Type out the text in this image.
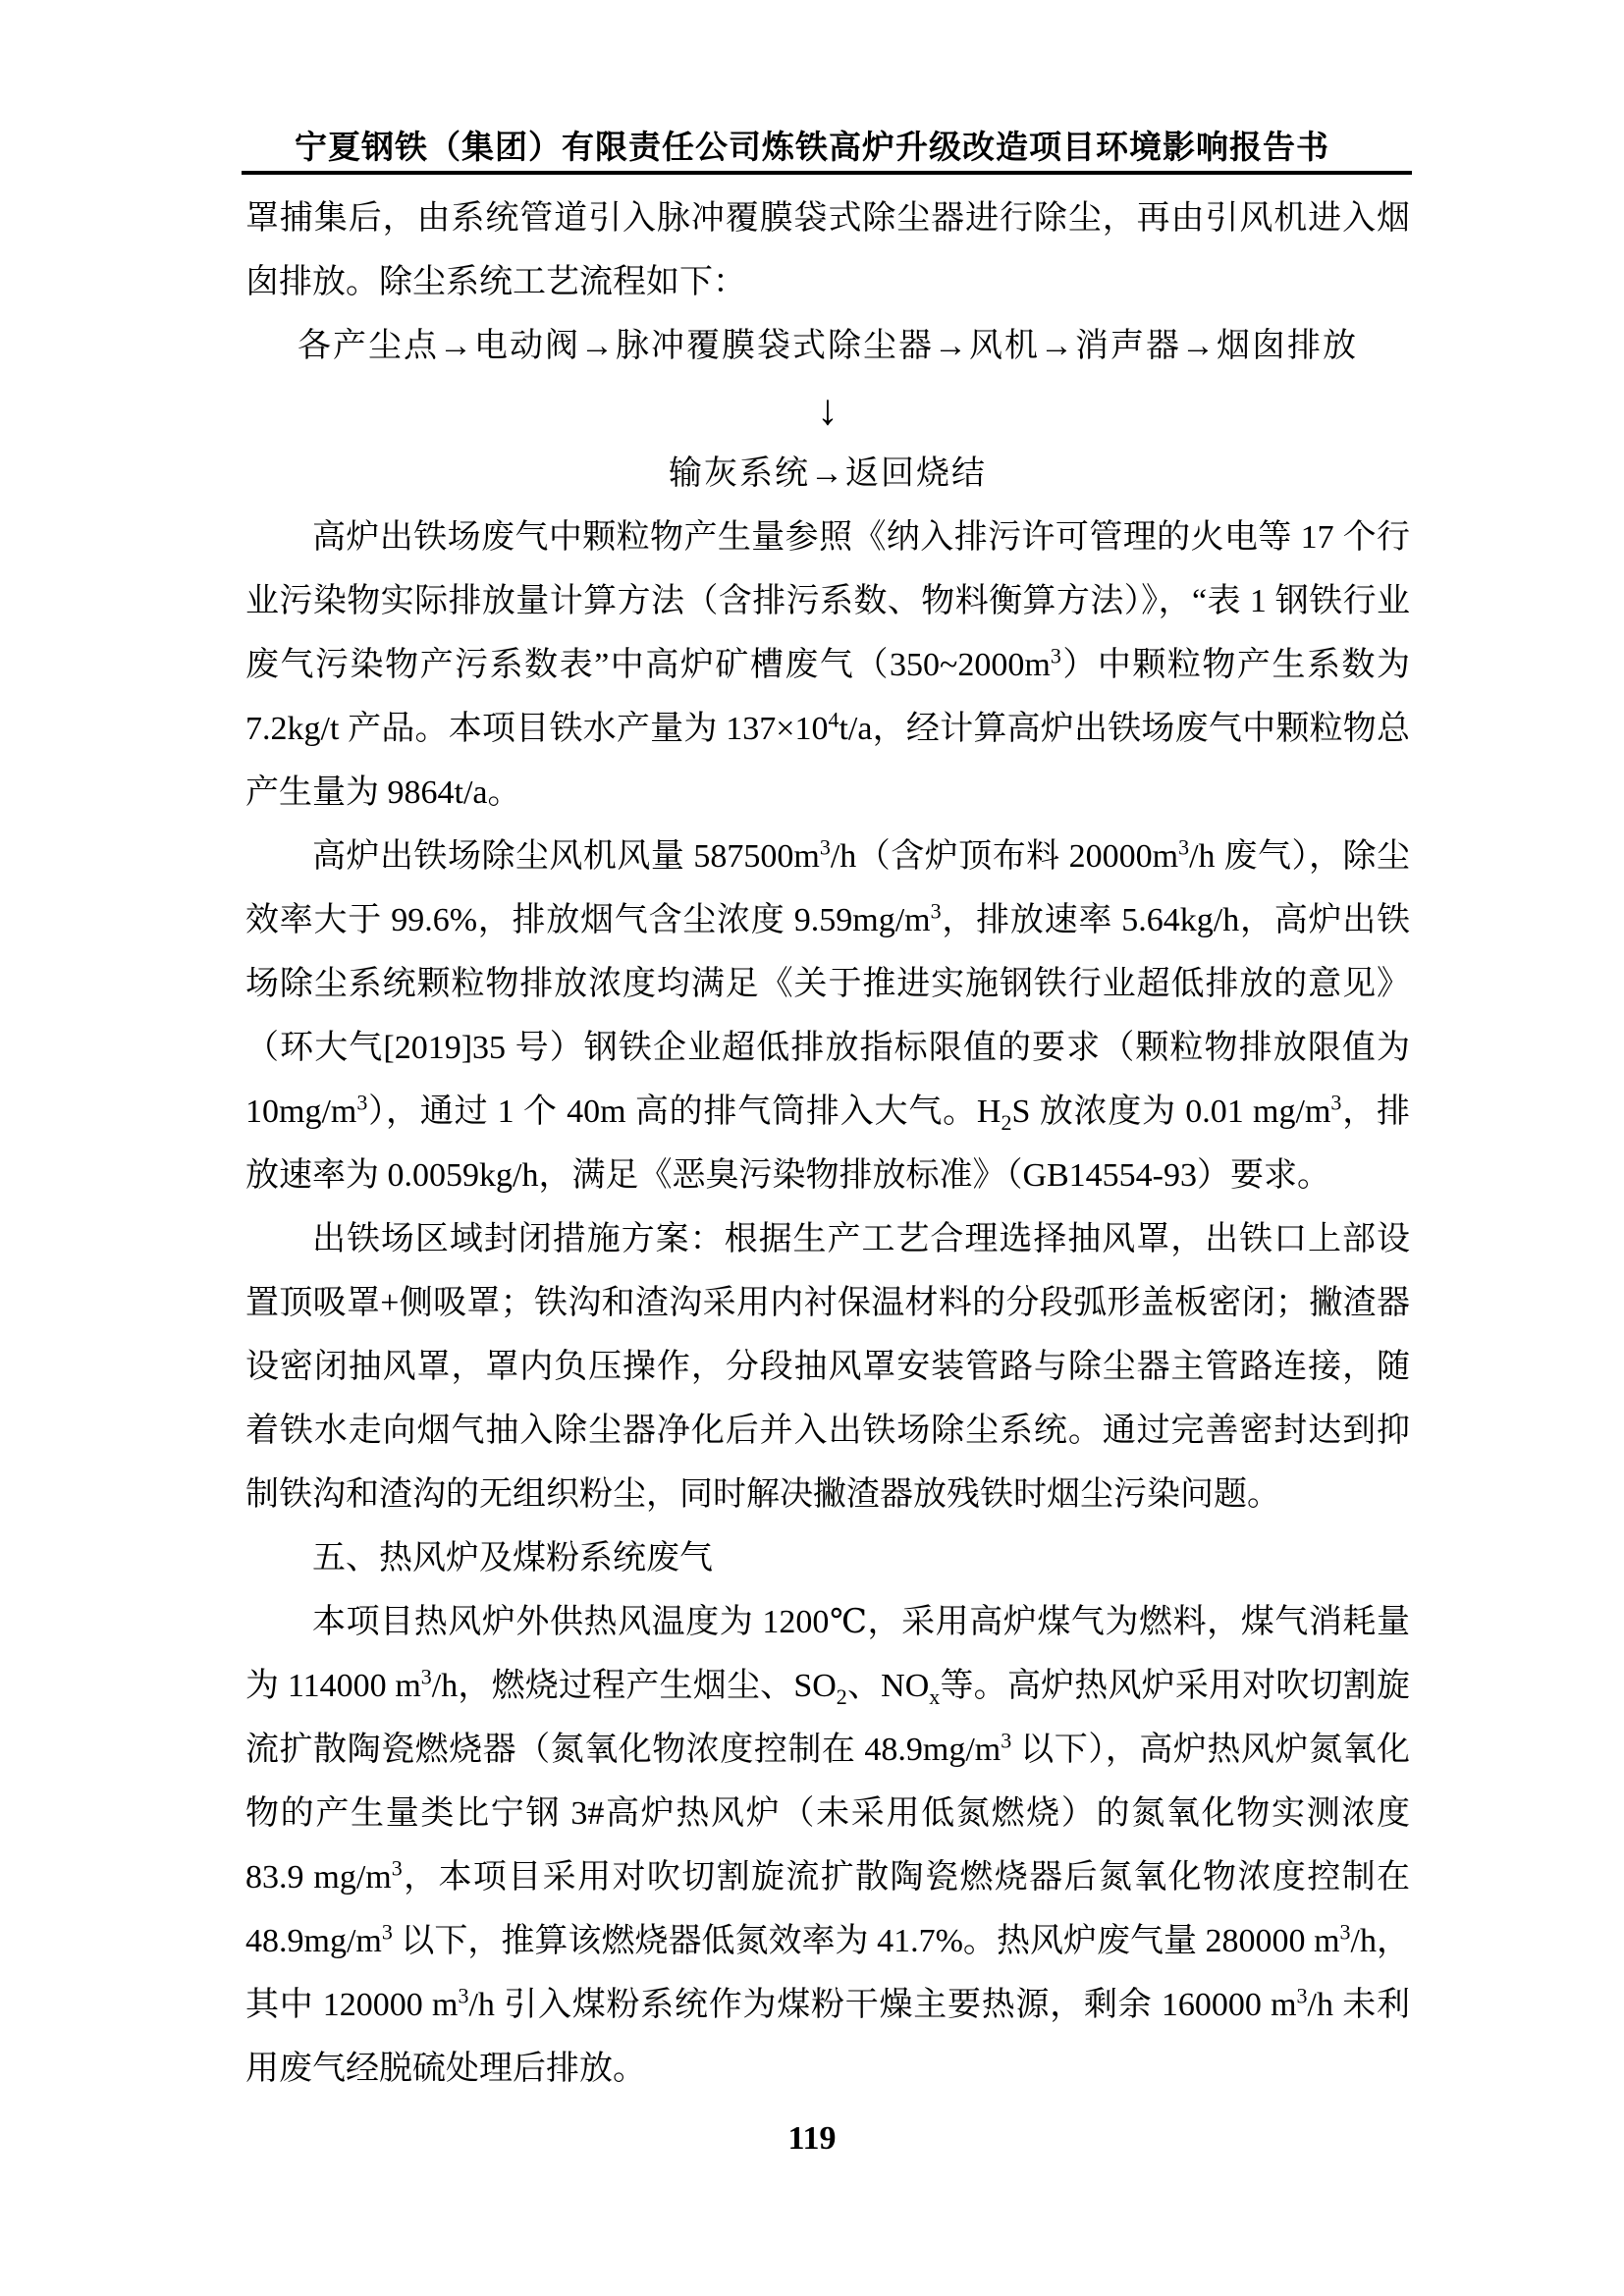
宁夏钢铁（集团）有限责任公司炼铁高炉升级改造项目环境影响报告书

罩捕集后，由系统管道引入脉冲覆膜袋式除尘器进行除尘，再由引风机进入烟囱排放。除尘系统工艺流程如下：

各产尘点→电动阀→脉冲覆膜袋式除尘器→风机→消声器→烟囱排放

↓

输灰系统→返回烧结

高炉出铁场废气中颗粒物产生量参照《纳入排污许可管理的火电等 17 个行业污染物实际排放量计算方法（含排污系数、物料衡算方法）》，“表 1 钢铁行业废气污染物产污系数表”中高炉矿槽废气$(350\sim 2000m^3)$中颗粒物产生系数为 7.2kg/t 产品。本项目铁水产量为 $137\times 10^4t/a$，经计算高炉出铁场废气中颗粒物总产生量为 9864t/a。

高炉出铁场除尘风机风量 $587500m^3/h$（含炉顶布料 $20000m^3/h$ 废气），除尘效率大于 99.6%，排放烟气含尘浓度 $9.59mg/m^3$，排放速率 5.64kg/h，高炉出铁场除尘系统颗粒物排放浓度均满足《关于推进实施钢铁行业超低排放的意见》（环大气[2019]35 号）钢铁企业超低排放指标限值的要求（颗粒物排放限值为 $10mg/m^3$），通过 1 个 40m 高的排气筒排入大气。$H_2S$ 放浓度为 0.01 $mg/m^3$，排放速率为 0.0059kg/h，满足《恶臭污染物排放标准》（GB14554-93）要求。

出铁场区域封闭措施方案：根据生产工艺合理选择抽风罩，出铁口上部设置顶吸罩+侧吸罩；铁沟和渣沟采用内衬保温材料的分段弧形盖板密闭；撇渣器设密闭抽风罩，罩内负压操作，分段抽风罩安装管路与除尘器主管路连接，随着铁水走向烟气抽入除尘器净化后并入出铁场除尘系统。通过完善密封达到抑制铁沟和渣沟的无组织粉尘，同时解决撇渣器放残铁时烟尘污染问题。

五、热风炉及煤粉系统废气

本项目热风炉外供热风温度为 1200℃，采用高炉煤气为燃料，煤气消耗量为 114000 $m^3/h$，燃烧过程产生烟尘、$SO_2$、$NO_x$等。高炉热风炉采用对吹切割旋流扩散陶瓷燃烧器（氮氧化物浓度控制在 $48.9mg/m^3$ 以下），高炉热风炉氮氧化物的产生量类比宁钢 3#高炉热风炉（未采用低氮燃烧）的氮氧化物实测浓度 83.9 $mg/m^3$，本项目采用对吹切割旋流扩散陶瓷燃烧器后氮氧化物浓度控制在 $48.9mg/m^3$ 以下，推算该燃烧器低氮效率为 41.7%。热风炉废气量 280000 $m^3/h$，其中 120000 $m^3/h$ 引入煤粉系统作为煤粉干燥主要热源，剩余 160000 $m^3/h$ 未利用废气经脱硫处理后排放。

119
